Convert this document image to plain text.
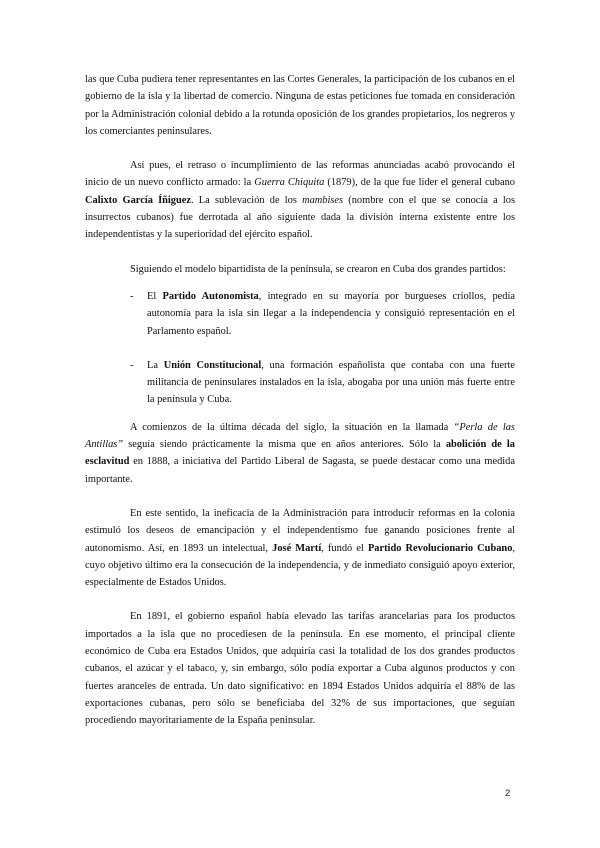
las que Cuba pudiera tener representantes en las Cortes Generales, la participación de los cubanos en el gobierno de la isla y la libertad de comercio. Ninguna de estas peticiones fue tomada en consideración por la Administración colonial debido a la rotunda oposición de los grandes propietarios, los negreros y los comerciantes peninsulares.

Así pues, el retraso o incumplimiento de las reformas anunciadas acabó provocando el inicio de un nuevo conflicto armado: la Guerra Chiquita (1879), de la que fue líder el general cubano Calixto García Íñiguez. La sublevación de los mambises (nombre con el que se conocía a los insurrectos cubanos) fue derrotada al año siguiente dada la división interna existente entre los independentistas y la superioridad del ejército español.

Siguiendo el modelo bipartidista de la península, se crearon en Cuba dos grandes partidos:

- El Partido Autonomista, integrado en su mayoría por burgueses criollos, pedía autonomía para la isla sin llegar a la independencia y consiguió representación en el Parlamento español.
- La Unión Constitucional, una formación españolista que contaba con una fuerte militancia de peninsulares instalados en la isla, abogaba por una unión más fuerte entre la península y Cuba.

A comienzos de la última década del siglo, la situación en la llamada “Perla de las Antillas” seguía siendo prácticamente la misma que en años anteriores. Sólo la abolición de la esclavitud en 1888, a iniciativa del Partido Liberal de Sagasta, se puede destacar como una medida importante.

En este sentido, la ineficacia de la Administración para introducir reformas en la colonia estimuló los deseos de emancipación y el independentismo fue ganando posiciones frente al autonomismo. Así, en 1893 un intelectual, José Martí, fundó el Partido Revolucionario Cubano, cuyo objetivo último era la consecución de la independencia, y de inmediato consiguió apoyo exterior, especialmente de Estados Unidos.

En 1891, el gobierno español había elevado las tarifas arancelarias para los productos importados a la isla que no procediesen de la península. En ese momento, el principal cliente económico de Cuba era Estados Unidos, que adquiría casi la totalidad de los dos grandes productos cubanos, el azúcar y el tabaco, y, sin embargo, sólo podía exportar a Cuba algunos productos y con fuertes aranceles de entrada. Un dato significativo: en 1894 Estados Unidos adquiría el 88% de las exportaciones cubanas, pero sólo se beneficiaba del 32% de sus importaciones, que seguían procediendo mayoritariamente de la España peninsular.

2
